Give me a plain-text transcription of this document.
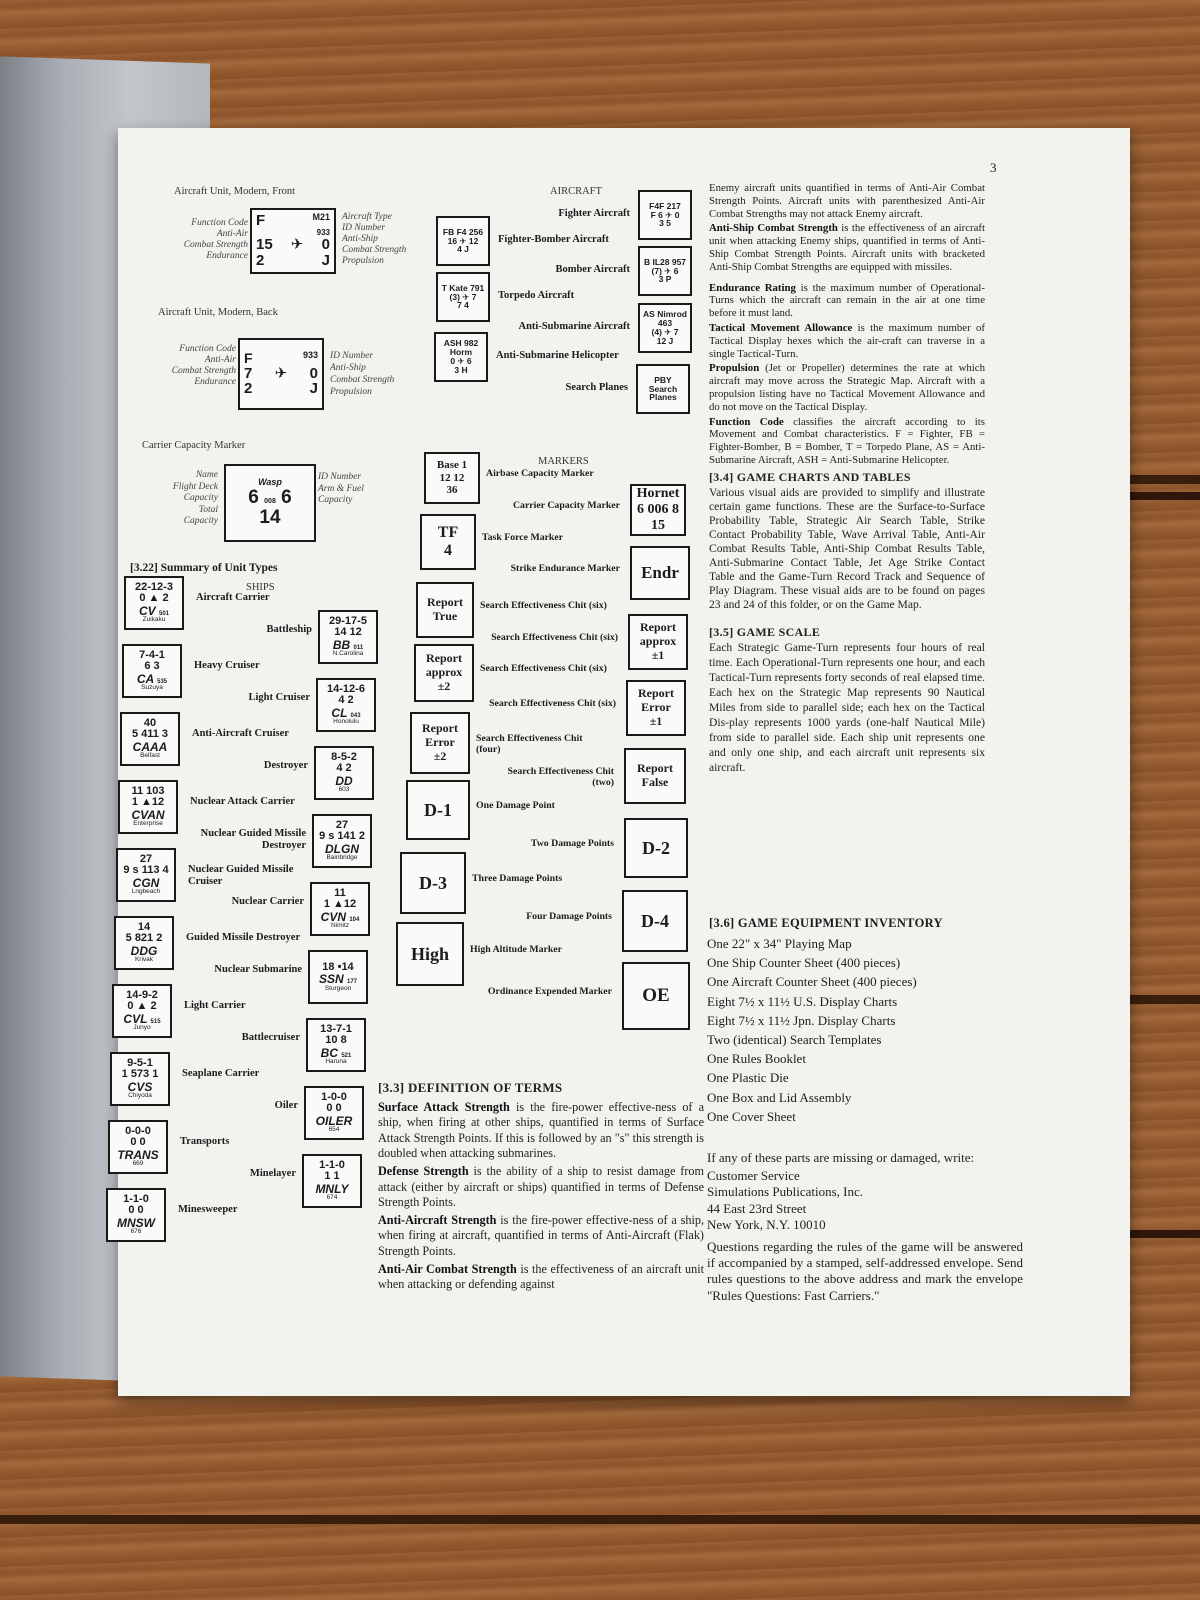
3
Aircraft Unit, Modern, Front
Function Code
Anti-Air
Combat Strength
Endurance
F	M21
933
15 ✈ 0
2	J
Aircraft Type
ID Number
Anti-Ship
Combat Strength
Propulsion
Aircraft Unit, Modern, Back
Function Code
Anti-Air
Combat Strength
Endurance
F	933
7 ✈ 0
2	J
ID Number
Anti-Ship
Combat Strength
Propulsion
Carrier Capacity Marker
Name
Flight Deck
Capacity
Total
Capacity
Wasp
6 008 6
14
ID Number
Arm & Fuel
Capacity
[3.22] Summary of Unit Types
SHIPS
AIRCRAFT
MARKERS
22-12-3
0 ▲ 2
CV 501
Zuikaku
Aircraft Carrier
29-17-5
14 12
BB 011
N.Carolina
Battleship
7-4-1
6 3
CA 535
Suzuya
Heavy Cruiser
14-12-6
4 2
CL 043
Honolulu
Light Cruiser
40
5 411 3
CAAA
Belfast
Anti-Aircraft Cruiser
8-5-2
4 2
DD
603
Destroyer
11 103
1 ▲12
CVAN
Enterprise
Nuclear Attack Carrier
27
9 s 141 2
DLGN
Bainbridge
Nuclear Guided Missile Destroyer
27
9 s 113 4
CGN
Lngbeach
Nuclear Guided Missile Cruiser
11
1 ▲12
CVN 104
Nimitz
Nuclear Carrier
14
5 821 2
DDG
Krivak
Guided Missile Destroyer
18 •14
SSN 177
Sturgeon
Nuclear Submarine
14-9-2
0 ▲ 2
CVL 515
Junyo
Light Carrier
13-7-1
10 8
BC 521
Haruna
Battlecruiser
9-5-1
1 573 1
CVS
Chiyoda
Seaplane Carrier
1-0-0
0 0
OILER
654
Oiler
0-0-0
0 0
TRANS
669
Transports
1-1-0
1 1
MNLY
674
Minelayer
1-1-0
0 0
MNSW
676
Minesweeper
F4F 217
F 6 ✈ 0
3 5
Fighter Aircraft
FB F4 256
16 ✈ 12
4 J
Fighter-Bomber Aircraft
B IL28 957
(7) ✈ 6
3 P
Bomber Aircraft
T Kate 791
(3) ✈ 7
7 4
Torpedo Aircraft
AS Nimrod 463
(4) ✈ 7
12 J
Anti-Submarine Aircraft
ASH 982 Horm
0 ✈ 6
3 H
Anti-Submarine Helicopter
PBY
Search
Planes
Search Planes
Base 1
12 12
36
Airbase Capacity Marker
Hornet
6 006 8
15
Carrier Capacity Marker
TF
4
Task Force Marker
Endr
Strike Endurance Marker
Report
True
Search Effectiveness Chit (six)
Report
approx
±1
Search Effectiveness Chit (six)
Report
approx
±2
Search Effectiveness Chit (six)
Report
Error
±1
Search Effectiveness Chit (six)
Report
Error
±2
Search Effectiveness Chit (four)
Report
False
Search Effectiveness Chit (two)
D-1	One Damage Point
D-2
Two Damage Points
D-3	Three Damage Points
D-4
Four Damage Points
High	High Altitude Marker
OE
Ordinance Expended Marker

[3.3] DEFINITION OF TERMS

Surface Attack Strength is the fire-power effective-ness of a ship, when firing at other ships, quantified in terms of Surface Attack Strength Points. If this is followed by an "s" this strength is doubled when attacking submarines.

Defense Strength is the ability of a ship to resist damage from attack (either by aircraft or ships) quantified in terms of Defense Strength Points.

Anti-Aircraft Strength is the fire-power effective-ness of a ship, when firing at aircraft, quantified in terms of Anti-Aircraft (Flak) Strength Points.

Anti-Air Combat Strength is the effectiveness of an aircraft unit when attacking or defending against

Enemy aircraft units quantified in terms of Anti-Air Combat Strength Points. Aircraft units with parenthesized Anti-Air Combat Strengths may not attack Enemy aircraft.

Anti-Ship Combat Strength is the effectiveness of an aircraft unit when attacking Enemy ships, quantified in terms of Anti-Ship Combat Strength Points. Aircraft units with bracketed Anti-Ship Combat Strengths are equipped with missiles.

Endurance Rating is the maximum number of Operational-Turns which the aircraft can remain in the air at one time before it must land.

Tactical Movement Allowance is the maximum number of Tactical Display hexes which the air-craft can traverse in a single Tactical-Turn.

Propulsion (Jet or Propeller) determines the rate at which aircraft may move across the Strategic Map. Aircraft with a propulsion listing have no Tactical Movement Allowance and do not move on the Tactical Display.

Function Code classifies the aircraft according to its Movement and Combat characteristics. F = Fighter, FB = Fighter-Bomber, B = Bomber, T = Torpedo Plane, AS = Anti-Submarine Aircraft, ASH = Anti-Submarine Helicopter.

[3.4] GAME CHARTS AND TABLES

Various visual aids are provided to simplify and illustrate certain game functions. These are the Surface-to-Surface Probability Table, Strategic Air Search Table, Strike Contact Probability Table, Wave Arrival Table, Anti-Air Combat Results Table, Anti-Ship Combat Results Table, Anti-Submarine Contact Table, Jet Age Strike Contact Table and the Game-Turn Record Track and Sequence of Play Diagram. These visual aids are to be found on pages 23 and 24 of this folder, or on the Game Map.

[3.5] GAME SCALE

Each Strategic Game-Turn represents four hours of real time. Each Operational-Turn represents one hour, and each Tactical-Turn represents forty seconds of real elapsed time. Each hex on the Strategic Map represents 90 Nautical Miles from side to parallel side; each hex on the Tactical Dis-play represents 1000 yards (one-half Nautical Mile) from side to parallel side. Each ship unit represents one and only one ship, and each aircraft unit represents six aircraft.

[3.6] GAME EQUIPMENT INVENTORY
One 22" x 34" Playing Map
One Ship Counter Sheet (400 pieces)
One Aircraft Counter Sheet (400 pieces)
Eight 7½ x 11½ U.S. Display Charts
Eight 7½ x 11½ Jpn. Display Charts
Two (identical) Search Templates
One Rules Booklet
One Plastic Die
One Box and Lid Assembly
One Cover Sheet

If any of these parts are missing or damaged, write:

Customer Service
Simulations Publications, Inc.
44 East 23rd Street
New York, N.Y. 10010

Questions regarding the rules of the game will be answered if accompanied by a stamped, self-addressed envelope. Send rules questions to the above address and mark the envelope "Rules Questions: Fast Carriers."
